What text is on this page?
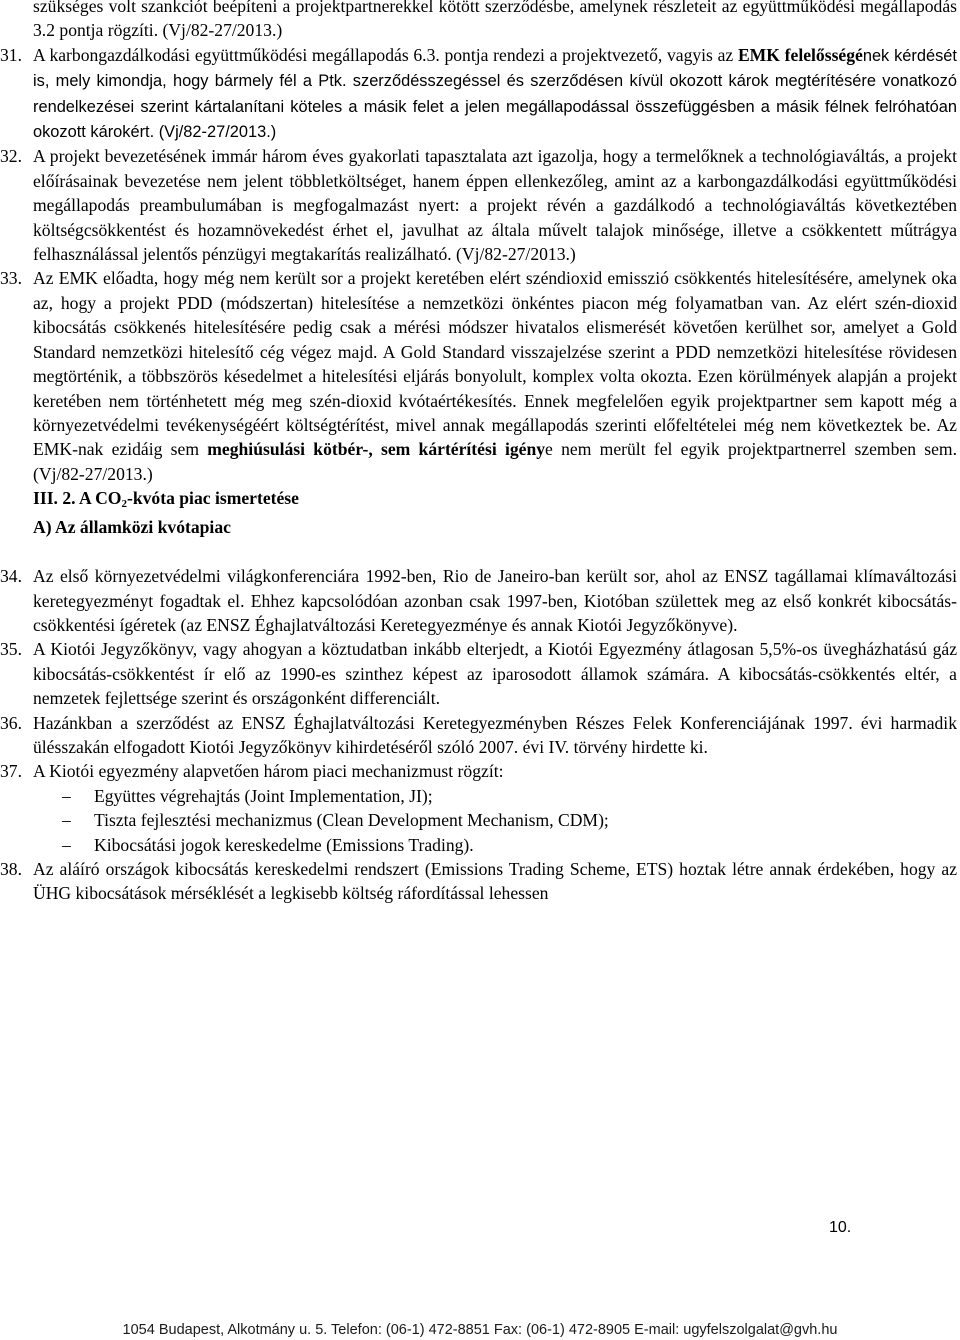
szükséges volt szankciót beépíteni a projektpartnerekkel kötött szerződésbe, amelynek részleteit az együttműködési megállapodás 3.2 pontja rögzíti. (Vj/82-27/2013.)

31. A karbongazdálkodási együttműködési megállapodás 6.3. pontja rendezi a projektvezető, vagyis az EMK felelősségének kérdését is, mely kimondja, hogy bármely fél a Ptk. szerződésszegéssel és szerződésen kívül okozott károk megtérítésére vonatkozó rendelkezései szerint kártalanítani köteles a másik felet a jelen megállapodással összefüggésben a másik félnek felróhatóan okozott károkért. (Vj/82-27/2013.)

32. A projekt bevezetésének immár három éves gyakorlati tapasztalata azt igazolja, hogy a termelőknek a technológiaváltás, a projekt előírásainak bevezetése nem jelent többletköltséget, hanem éppen ellenkezőleg, amint az a karbongazdálkodási együttműködési megállapodás preambulumában is megfogalmazást nyert: a projekt révén a gazdálkodó a technológiaváltás következtében költségcsökkentést és hozamnövekedést érhet el, javulhat az általa művelt talajok minősége, illetve a csökkentett műtrágya felhasználással jelentős pénzügyi megtakarítás realizálható. (Vj/82-27/2013.)

33. Az EMK előadta, hogy még nem került sor a projekt keretében elért széndioxid emisszió csökkentés hitelesítésére, amelynek oka az, hogy a projekt PDD (módszertan) hitelesítése a nemzetközi önkéntes piacon még folyamatban van. Az elért szén-dioxid kibocsátás csökkenés hitelesítésére pedig csak a mérési módszer hivatalos elismerését követően kerülhet sor, amelyet a Gold Standard nemzetközi hitelesítő cég végez majd. A Gold Standard visszajelzése szerint a PDD nemzetközi hitelesítése rövidesen megtörténik, a többszörös késedelmet a hitelesítési eljárás bonyolult, komplex volta okozta. Ezen körülmények alapján a projekt keretében nem történhetett még meg szén-dioxid kvótaértékesítés. Ennek megfelelően egyik projektpartner sem kapott még a környezetvédelmi tevékenységéért költségtérítést, mivel annak megállapodás szerinti előfeltételei még nem következtek be. Az EMK-nak ezidáig sem meghiúsulási kötbér-, sem kártérítési igénye nem merült fel egyik projektpartnerrel szemben sem. (Vj/82-27/2013.)

III. 2. A $CO_2$-kvóta piac ismertetése

A) Az államközi kvótapiac

34. Az első környezetvédelmi világkonferenciára 1992-ben, Rio de Janeiro-ban került sor, ahol az ENSZ tagállamai klímaváltozási keretegyezményt fogadtak el. Ehhez kapcsolódóan azonban csak 1997-ben, Kiotóban születtek meg az első konkrét kibocsátás-csökkentési ígéretek (az ENSZ Éghajlatváltozási Keretegyezménye és annak Kiotói Jegyzőkönyve).

35. A Kiotói Jegyzőkönyv, vagy ahogyan a köztudatban inkább elterjedt, a Kiotói Egyezmény átlagosan 5,5%-os üvegházhatású gáz kibocsátás-csökkentést ír elő az 1990-es szinthez képest az iparosodott államok számára. A kibocsátás-csökkentés eltér, a nemzetek fejlettsége szerint és országonként differenciált.

36. Hazánkban a szerződést az ENSZ Éghajlatváltozási Keretegyezményben Részes Felek Konferenciájának 1997. évi harmadik ülésszakán elfogadott Kiotói Jegyzőkönyv kihirdetéséről szóló 2007. évi IV. törvény hirdette ki.

37. A Kiotói egyezmény alapvetően három piaci mechanizmust rögzít:

– Együttes végrehajtás (Joint Implementation, JI);
– Tiszta fejlesztési mechanizmus (Clean Development Mechanism, CDM);
– Kibocsátási jogok kereskedelme (Emissions Trading).

38. Az aláíró országok kibocsátás kereskedelmi rendszert (Emissions Trading Scheme, ETS) hoztak létre annak érdekében, hogy az ÜHG kibocsátások mérséklését a legkisebb költség ráfordítással lehessen

10.
1054 Budapest, Alkotmány u. 5. Telefon: (06-1) 472-8851 Fax: (06-1) 472-8905 E-mail: ugyfelszolgalat@gvh.hu
